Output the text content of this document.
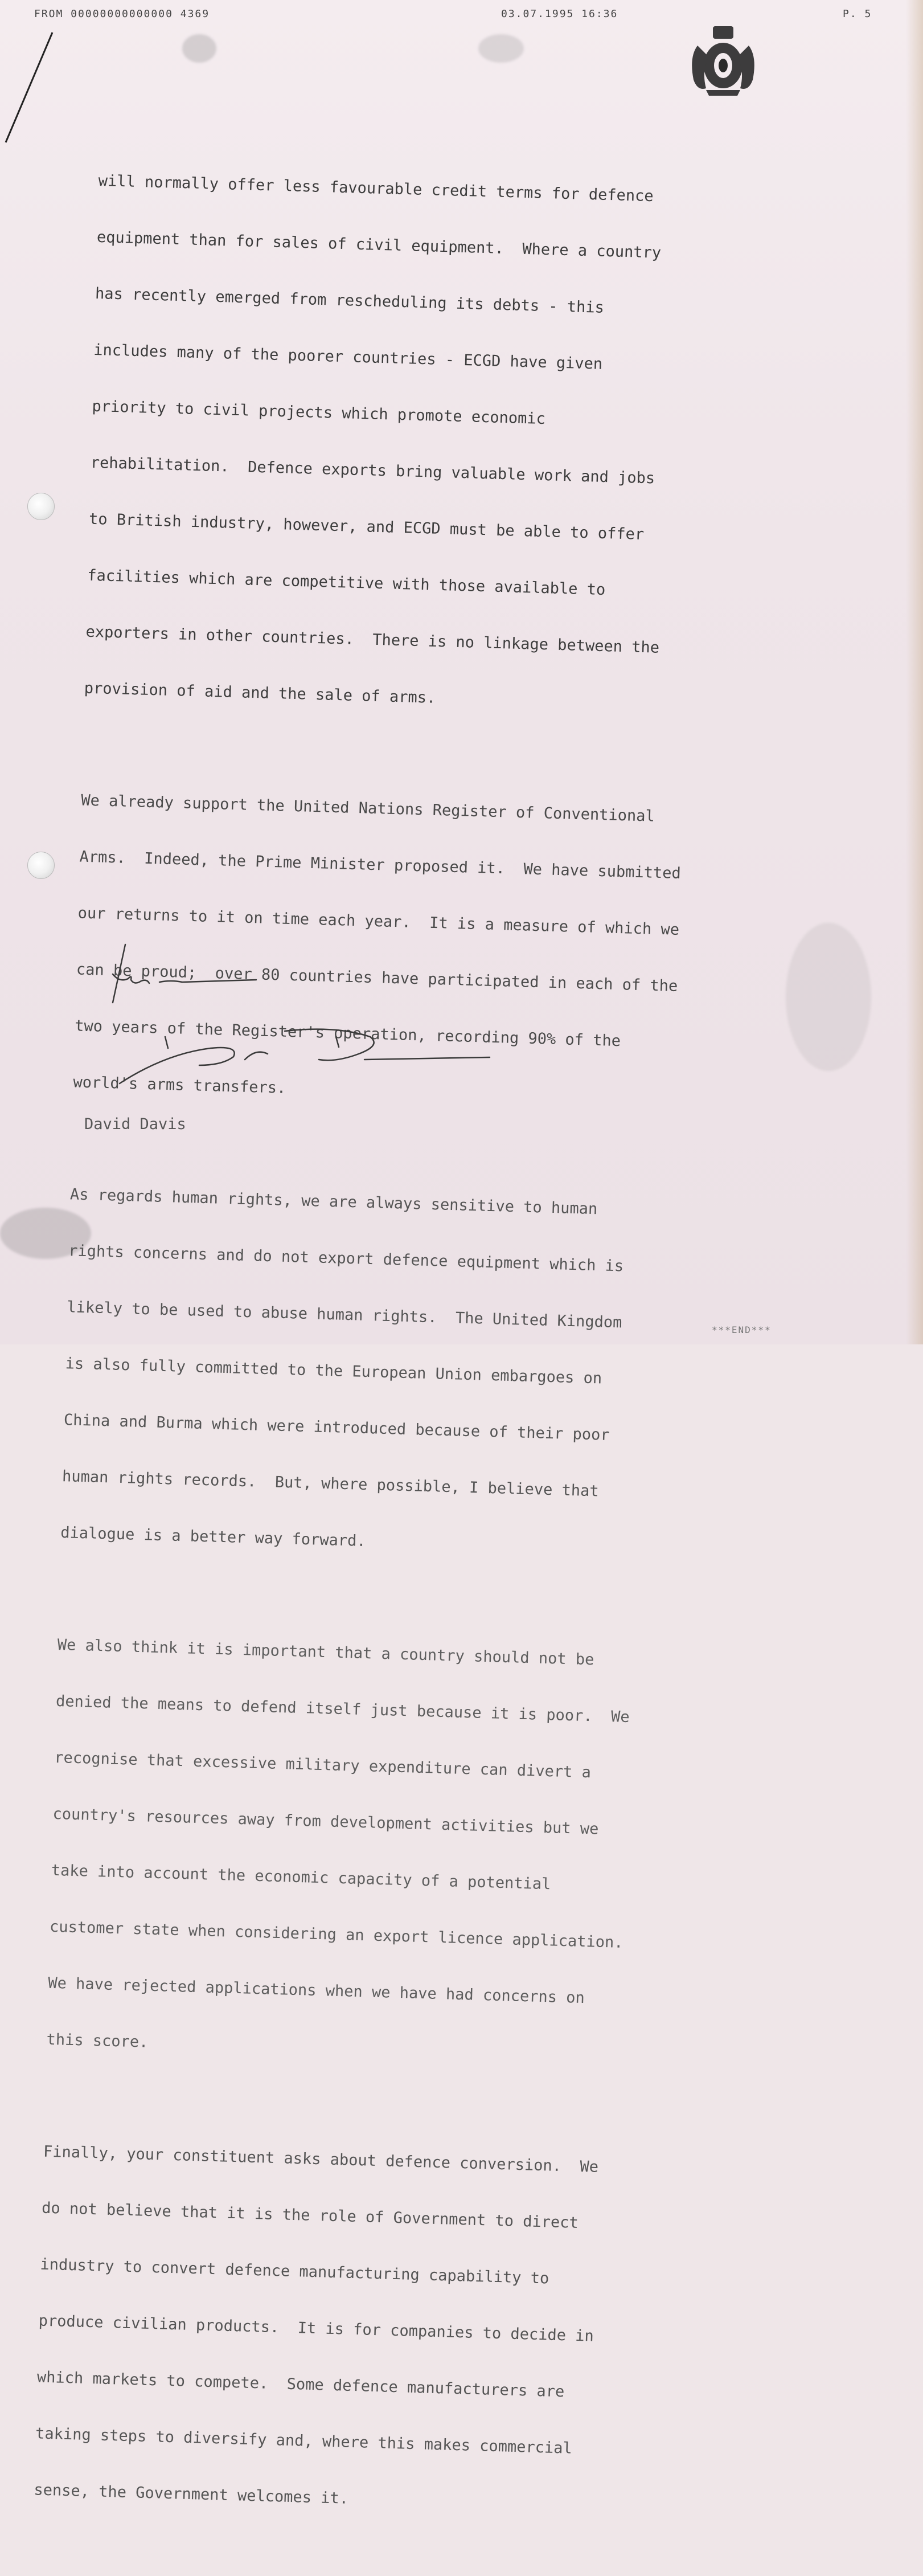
FROM 00000000000000 4369	03.07.1995 16:36	P. 5

will normally offer less favourable credit terms for defence

equipment than for sales of civil equipment.  Where a country

has recently emerged from rescheduling its debts - this

includes many of the poorer countries - ECGD have given

priority to civil projects which promote economic

rehabilitation.  Defence exports bring valuable work and jobs

to British industry, however, and ECGD must be able to offer

facilities which are competitive with those available to

exporters in other countries.  There is no linkage between the

provision of aid and the sale of arms.

We already support the United Nations Register of Conventional

Arms.  Indeed, the Prime Minister proposed it.  We have submitted

our returns to it on time each year.  It is a measure of which we

can be proud;  over 80 countries have participated in each of the

two years of the Register's operation, recording 90% of the

world's arms transfers.

As regards human rights, we are always sensitive to human

rights concerns and do not export defence equipment which is

likely to be used to abuse human rights.  The United Kingdom

is also fully committed to the European Union embargoes on

China and Burma which were introduced because of their poor

human rights records.  But, where possible, I believe that

dialogue is a better way forward.

We also think it is important that a country should not be

denied the means to defend itself just because it is poor.  We

recognise that excessive military expenditure can divert a

country's resources away from development activities but we

take into account the economic capacity of a potential

customer state when considering an export licence application.

We have rejected applications when we have had concerns on

this score.

Finally, your constituent asks about defence conversion.  We

do not believe that it is the role of Government to direct

industry to convert defence manufacturing capability to

produce civilian products.  It is for companies to decide in

which markets to compete.  Some defence manufacturers are

taking steps to diversify and, where this makes commercial

sense, the Government welcomes it.

David Davis
***END***
